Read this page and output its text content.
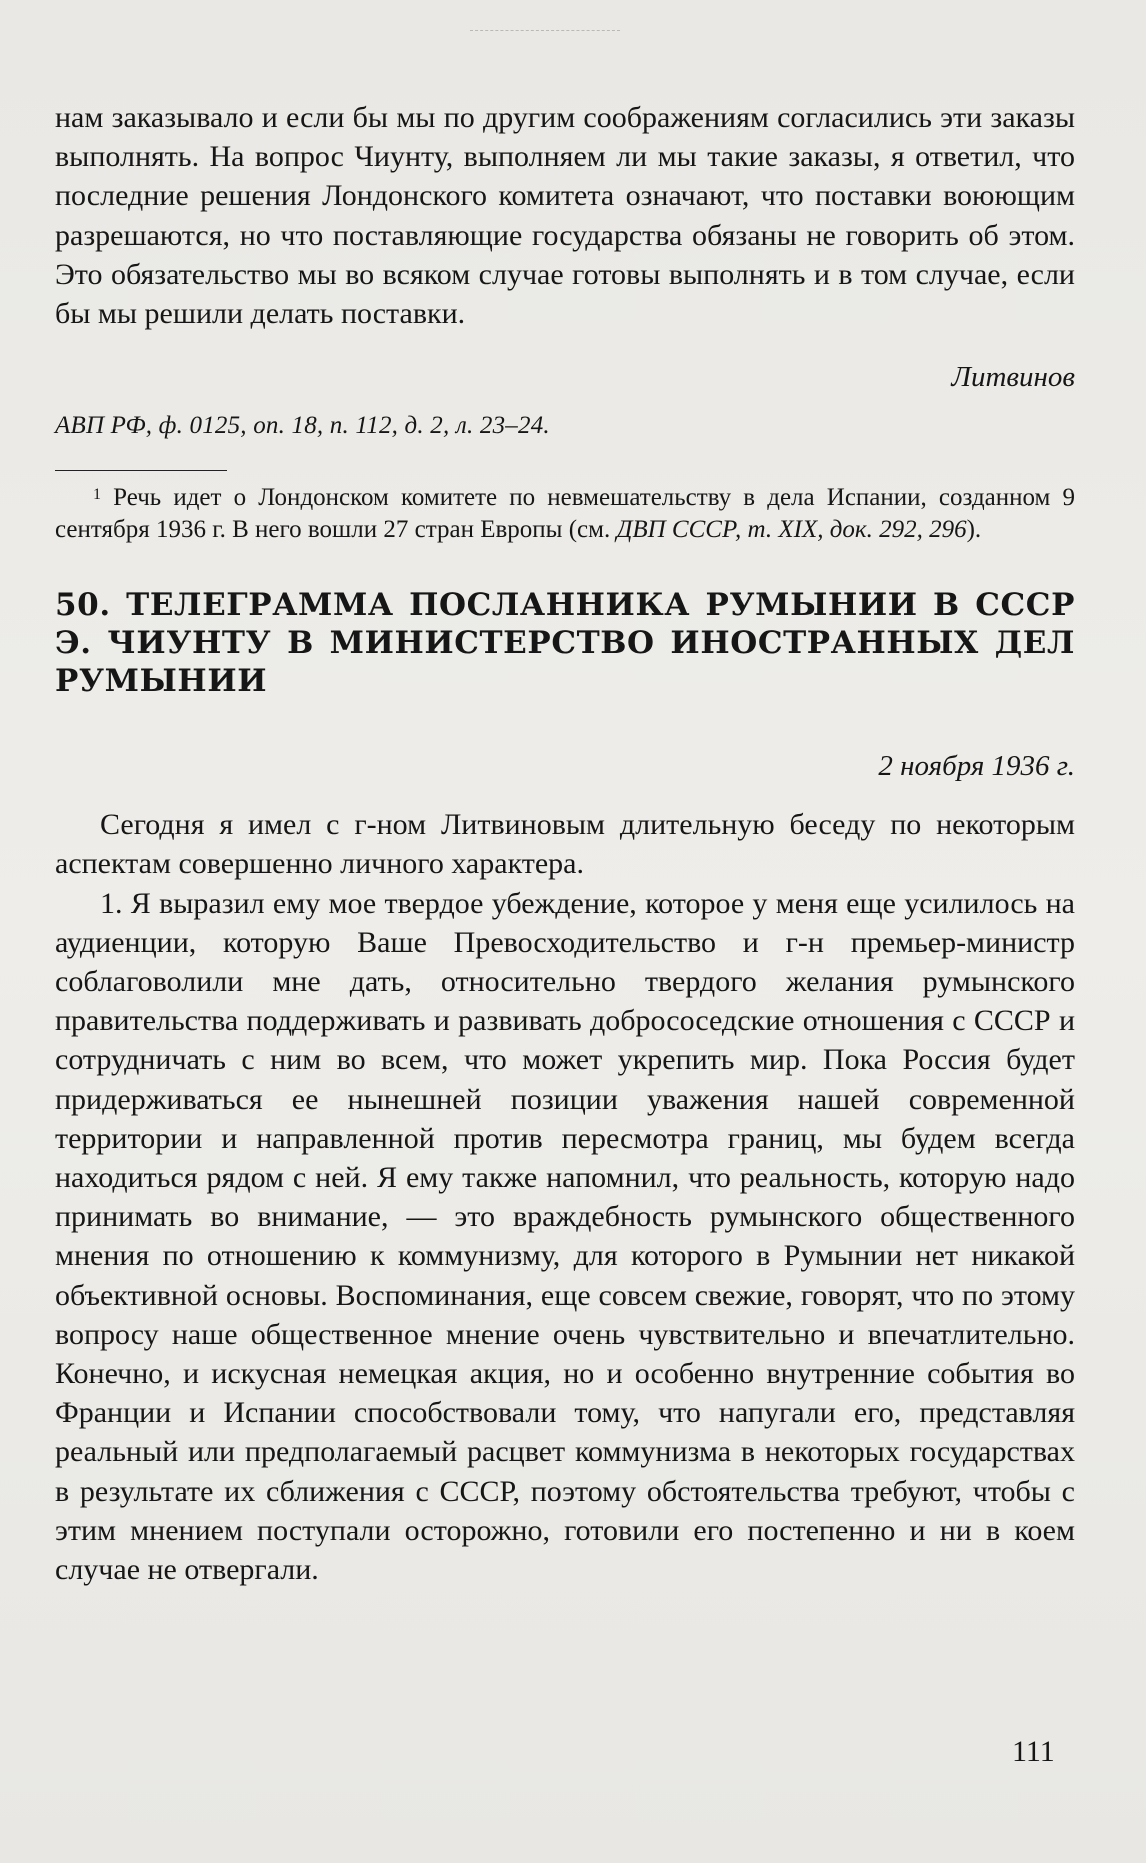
нам заказывало и если бы мы по другим соображениям согласились эти заказы выполнять. На вопрос Чиунту, выполняем ли мы такие заказы, я ответил, что последние решения Лондонского комитета означают, что поставки воюющим разрешаются, но что поставляющие государства обязаны не говорить об этом. Это обязательство мы во всяком случае готовы выполнять и в том случае, если бы мы решили делать поставки.

Литвинов

АВП РФ, ф. 0125, оп. 18, п. 112, д. 2, л. 23–24.

$^1$ Речь идет о Лондонском комитете по невмешательству в дела Испании, созданном 9 сентября 1936 г. В него вошли 27 стран Европы (см. ДВП СССР, т. XIX, док. 292, 296).

50. ТЕЛЕГРАММА ПОСЛАННИКА РУМЫНИИ В СССР Э. ЧИУНТУ В МИНИСТЕРСТВО ИНОСТРАННЫХ ДЕЛ РУМЫНИИ
2 ноября 1936 г.

Сегодня я имел с г-ном Литвиновым длительную беседу по некоторым аспектам совершенно личного характера.

1. Я выразил ему мое твердое убеждение, которое у меня еще усилилось на аудиенции, которую Ваше Превосходительство и г-н премьер-министр соблаговолили мне дать, относительно твердого желания румынского правительства поддерживать и развивать добрососедские отношения с СССР и сотрудничать с ним во всем, что может укрепить мир. Пока Россия будет придерживаться ее нынешней позиции уважения нашей современной территории и направленной против пересмотра границ, мы будем всегда находиться рядом с ней. Я ему также напомнил, что реальность, которую надо принимать во внимание, — это враждебность румынского общественного мнения по отношению к коммунизму, для которого в Румынии нет никакой объективной основы. Воспоминания, еще совсем свежие, говорят, что по этому вопросу наше общественное мнение очень чувствительно и впечатлительно. Конечно, и искусная немецкая акция, но и особенно внутренние события во Франции и Испании способствовали тому, что напугали его, представляя реальный или предполагаемый расцвет коммунизма в некоторых государствах в результате их сближения с СССР, поэтому обстоятельства требуют, чтобы с этим мнением поступали осторожно, готовили его постепенно и ни в коем случае не отвергали.

111
